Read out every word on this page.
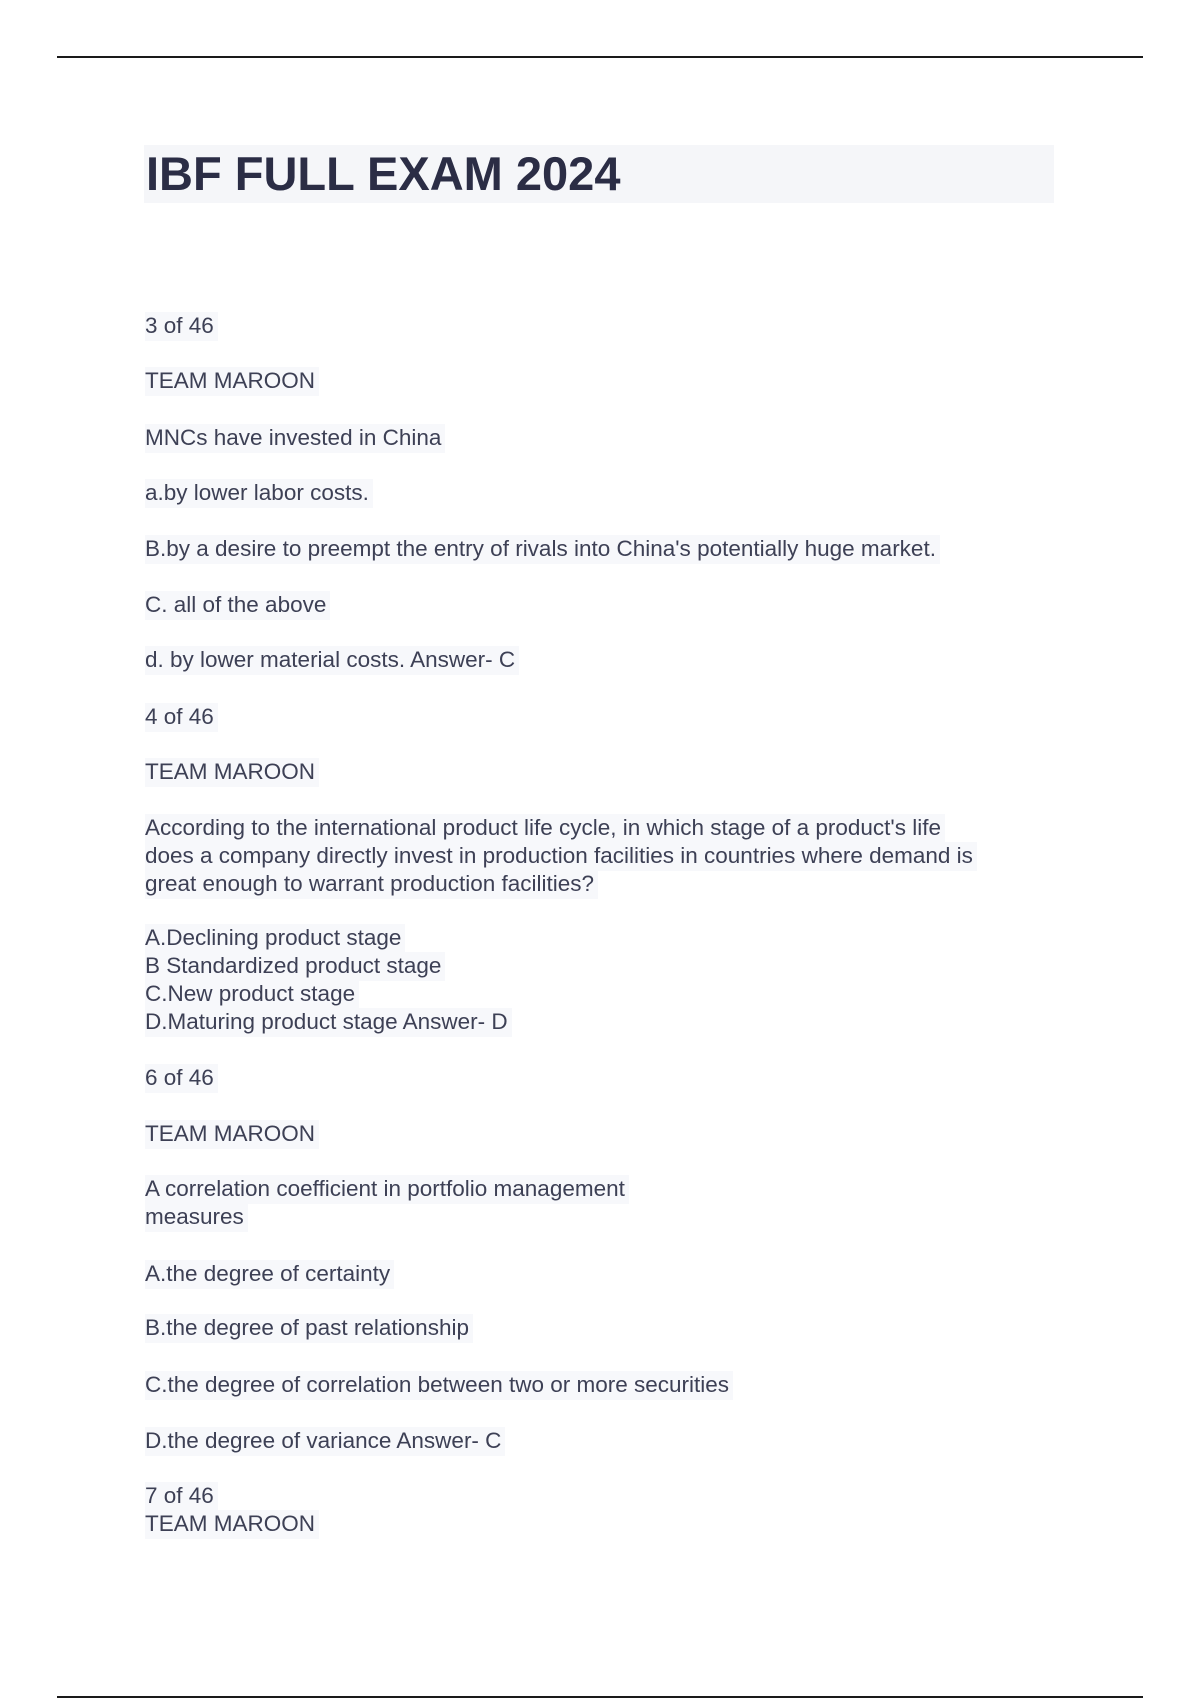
IBF FULL EXAM 2024
3 of 46
TEAM MAROON
MNCs have invested in China
a.by lower labor costs.
B.by a desire to preempt the entry of rivals into China's potentially huge market.
C. all of the above
d. by lower material costs. Answer- C
4 of 46
TEAM MAROON
According to the international product life cycle, in which stage of a product's life
does a company directly invest in production facilities in countries where demand is
great enough to warrant production facilities?
A.Declining product stage
B Standardized product stage
C.New product stage
D.Maturing product stage Answer- D
6 of 46
TEAM MAROON
A correlation coefficient in portfolio management
measures
A.the degree of certainty
B.the degree of past relationship
C.the degree of correlation between two or more securities
D.the degree of variance Answer- C
7 of 46
TEAM MAROON
